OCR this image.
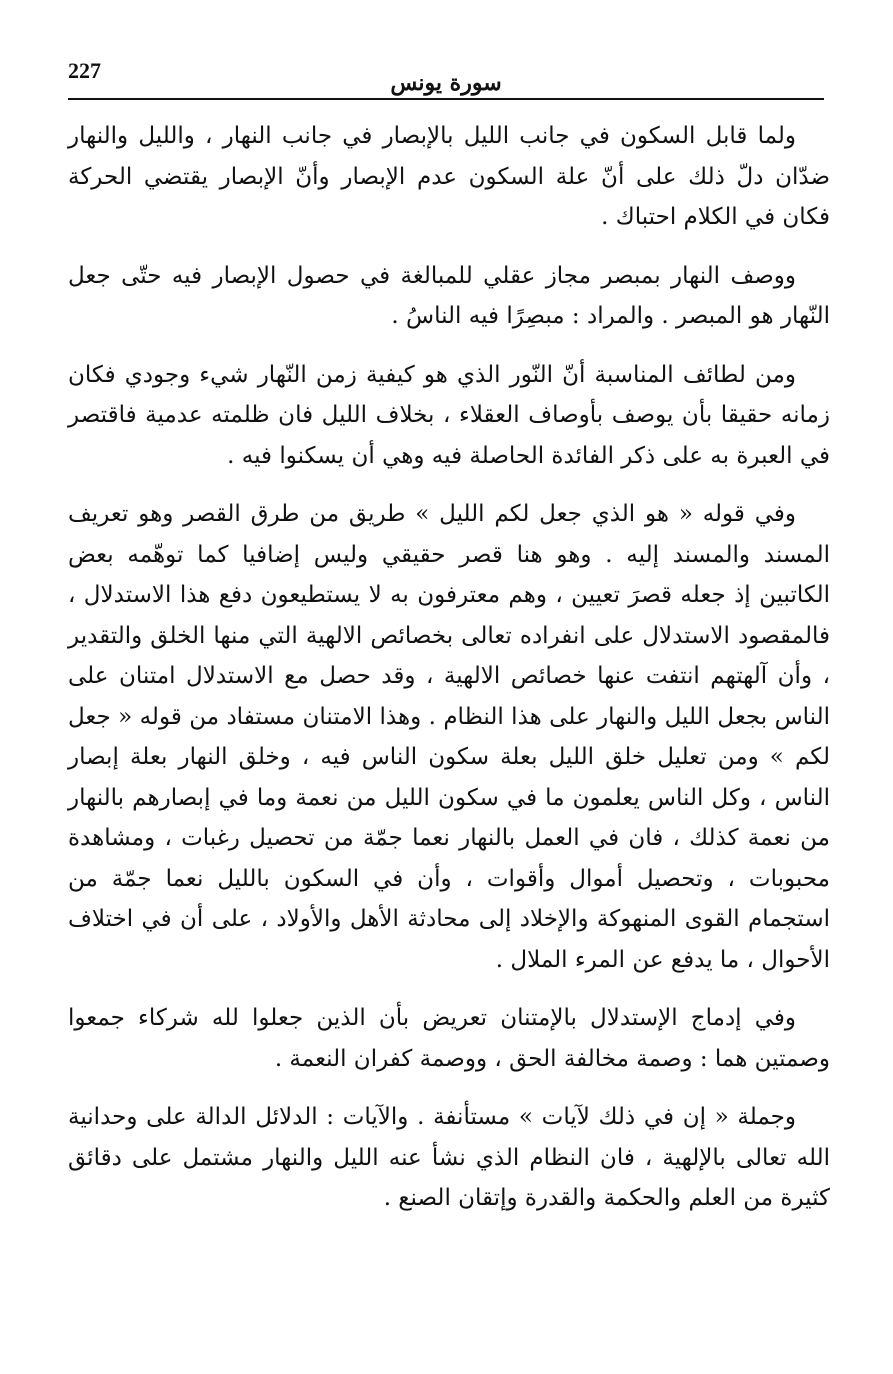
227	سورة يونس

ولما قابل السكون في جانب الليل بالإبصار في جانب النهار ، والليل والنهار ضدّان دلّ ذلك على أنّ علة السكون عدم الإبصار وأنّ الإبصار يقتضي الحركة فكان في الكلام احتباك .

ووصف النهار بمبصر مجاز عقلي للمبالغة في حصول الإبصار فيه حتّى جعل النّهار هو المبصر . والمراد : مبصِرًا فيه الناسُ .

ومن لطائف المناسبة أنّ النّور الذي هو كيفية زمن النّهار شيء وجودي فكان زمانه حقيقا بأن يوصف بأوصاف العقلاء ، بخلاف الليل فان ظلمته عدمية فاقتصر في العبرة به على ذكر الفائدة الحاصلة فيه وهي أن يسكنوا فيه .

وفي قوله « هو الذي جعل لكم الليل » طريق من طرق القصر وهو تعريف المسند والمسند إليه . وهو هنا قصر حقيقي وليس إضافيا كما توهّمه بعض الكاتبين إذ جعله قصرَ تعيين ، وهم معترفون به لا يستطيعون دفع هذا الاستدلال ، فالمقصود الاستدلال على انفراده تعالى بخصائص الالهية التي منها الخلق والتقدير ، وأن آلهتهم انتفت عنها خصائص الالهية ، وقد حصل مع الاستدلال امتنان على الناس بجعل الليل والنهار على هذا النظام . وهذا الامتنان مستفاد من قوله « جعل لكم » ومن تعليل خلق الليل بعلة سكون الناس فيه ، وخلق النهار بعلة إبصار الناس ، وكل الناس يعلمون ما في سكون الليل من نعمة وما في إبصارهم بالنهار من نعمة كذلك ، فان في العمل بالنهار نعما جمّة من تحصيل رغبات ، ومشاهدة محبوبات ، وتحصيل أموال وأقوات ، وأن في السكون بالليل نعما جمّة من استجمام القوى المنهوكة والإخلاد إلى محادثة الأهل والأولاد ، على أن في اختلاف الأحوال ، ما يدفع عن المرء الملال .

وفي إدماج الإستدلال بالإمتنان تعريض بأن الذين جعلوا لله شركاء جمعوا وصمتين هما : وصمة مخالفة الحق ، ووصمة كفران النعمة .

وجملة « إن في ذلك لآيات » مستأنفة . والآيات : الدلائل الدالة على وحدانية الله تعالى بالإلهية ، فان النظام الذي نشأ عنه الليل والنهار مشتمل على دقائق كثيرة من العلم والحكمة والقدرة وإتقان الصنع .
